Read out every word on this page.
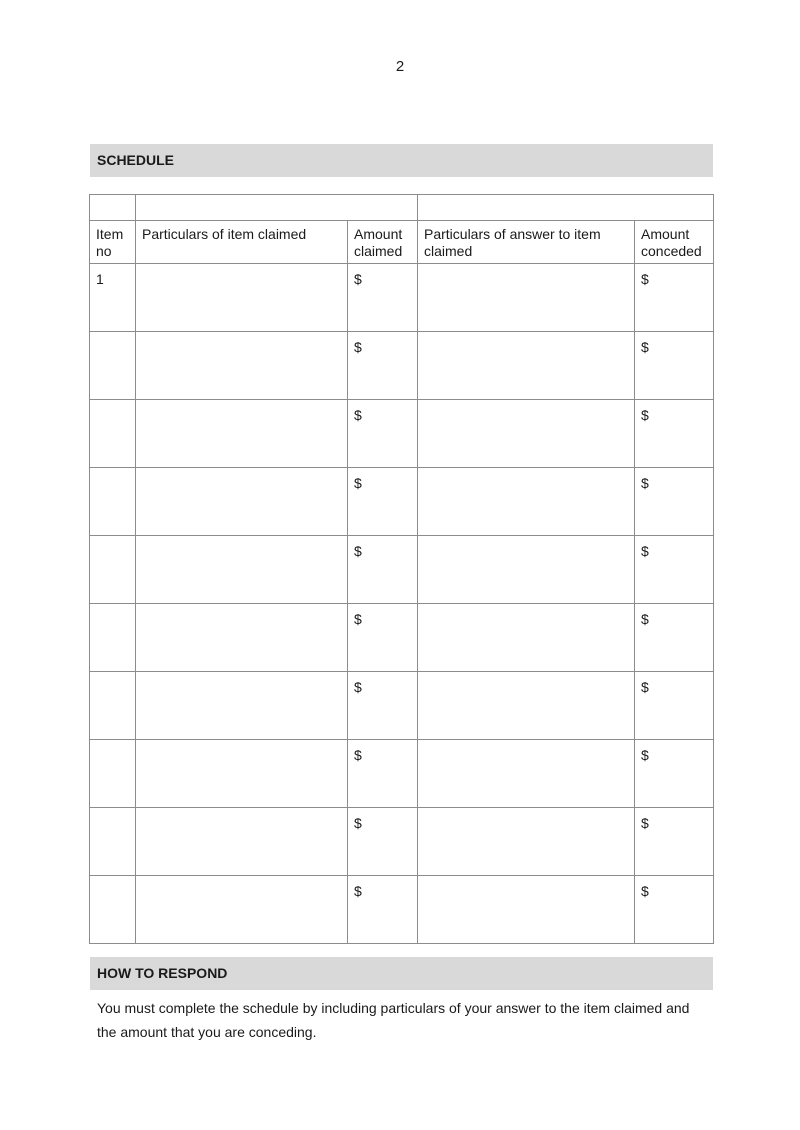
2
SCHEDULE

Item no	Particulars of item claimed	Amount claimed	Particulars of answer to item claimed	Amount conceded
1		$		$
		$		$
		$		$
		$		$
		$		$
		$		$
		$		$
		$		$
		$		$
		$		$
HOW TO RESPOND
You must complete the schedule by including particulars of your answer to the item claimed and the amount that you are conceding.
